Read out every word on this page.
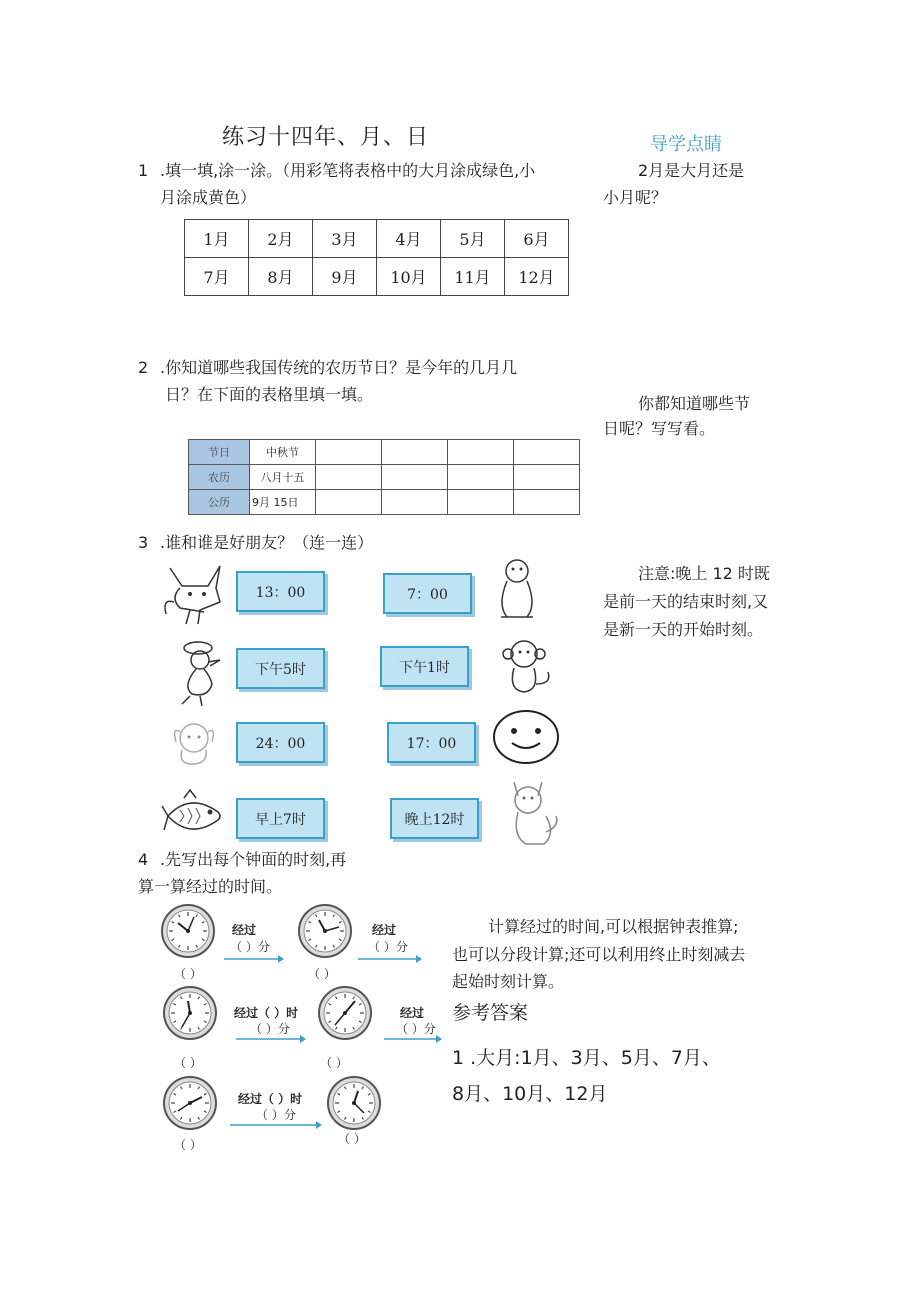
练习十四年、月、日	导学点睛
1 .填一填,涂一涂。（用彩笔将表格中的大月涂成绿色,小
月涂成黄色）
1月	2月	3月	4月	5月	6月
7月	8月	9月	10月	11月	12月
2月是大月还是
小月呢？
2 .你知道哪些我国传统的农历节日？是今年的几月几
日？在下面的表格里填一填。
节日	中秋节				
农历	八月十五				
公历	9月 15日				
你都知道哪些节
日呢？写写看。
3 .谁和谁是好朋友？（连一连）
13：00
下午5时
24：00
早上7时
7：00
下午1时
17：00
晚上12时
注意:晚上 12 时既
是前一天的结束时刻,又
是新一天的开始时刻。
4 .先写出每个钟面的时刻,再
算一算经过的时间。
经过
（ ）分
经过
（ ）分
（ ）	（ ）
经过（ ）时
（ ）分
经过
（ ）分
（ ）	（ ）
经过（ ）时
（ ）分
（ ）
（ ）
计算经过的时间,可以根据钟表推算;
也可以分段计算;还可以利用终止时刻减去
起始时刻计算。
参考答案
1 .大月:1月、3月、5月、7月、
8月、10月、12月
